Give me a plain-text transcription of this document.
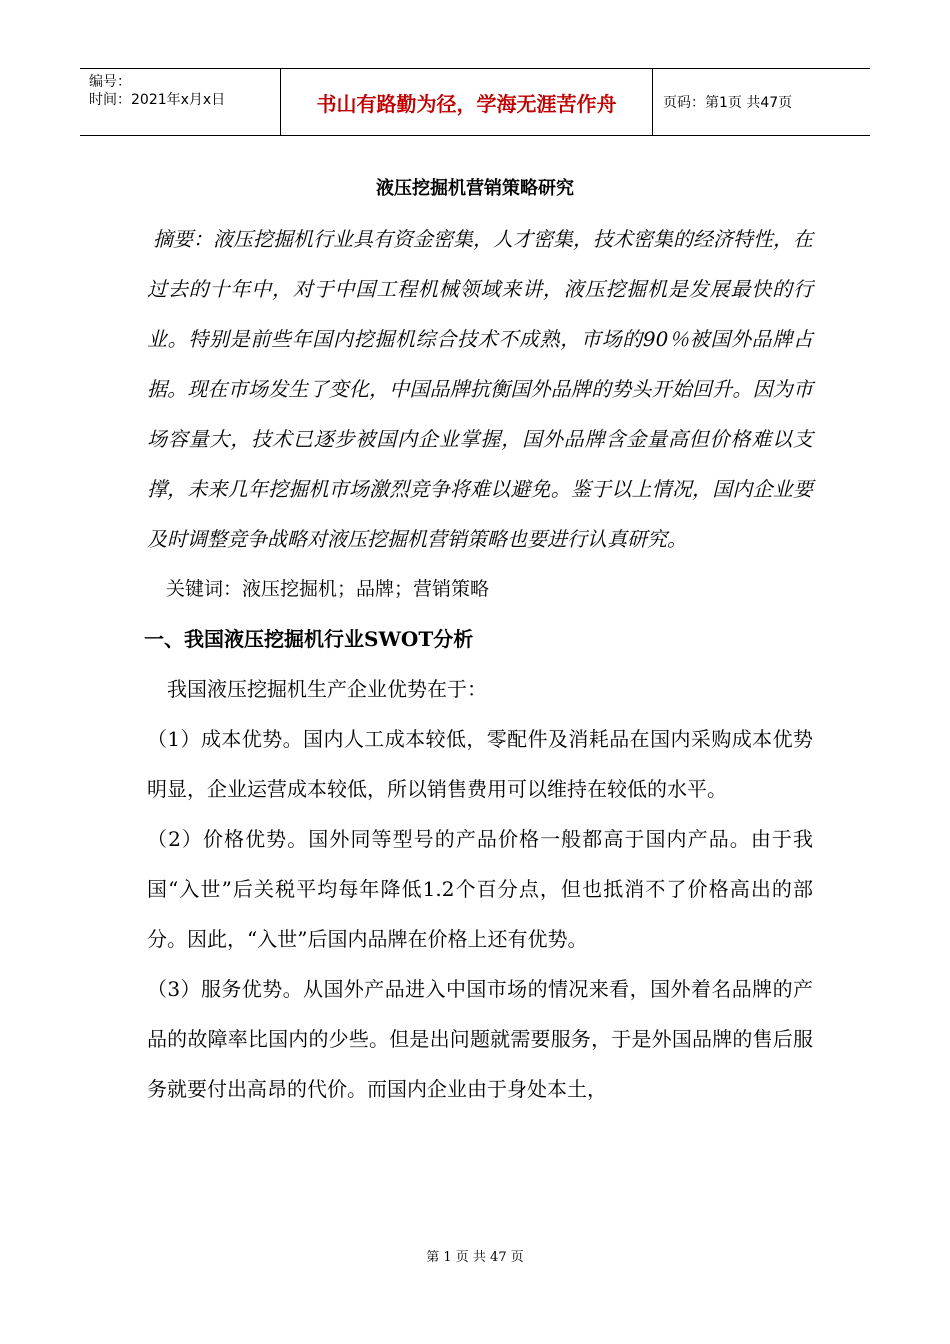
编号：
时间：2021年x月x日	书山有路勤为径，学海无涯苦作舟	页码：第1页 共47页
液压挖掘机营销策略研究

摘要：液压挖掘机行业具有资金密集，人才密集，技术密集的经济特性，在过去的十年中，对于中国工程机械领域来讲，液压挖掘机是发展最快的行业。特别是前些年国内挖掘机综合技术不成熟，市场的90％被国外品牌占据。现在市场发生了变化，中国品牌抗衡国外品牌的势头开始回升。因为市场容量大，技术已逐步被国内企业掌握，国外品牌含金量高但价格难以支撑，未来几年挖掘机市场激烈竞争将难以避免。鉴于以上情况，国内企业要及时调整竞争战略对液压挖掘机营销策略也要进行认真研究。

关键词：液压挖掘机；品牌；营销策略

一、我国液压挖掘机行业SWOT分析

我国液压挖掘机生产企业优势在于：

（1）成本优势。国内人工成本较低，零配件及消耗品在国内采购成本优势明显，企业运营成本较低，所以销售费用可以维持在较低的水平。

（2）价格优势。国外同等型号的产品价格一般都高于国内产品。由于我国“入世”后关税平均每年降低1.2个百分点，但也抵消不了价格高出的部分。因此，“入世”后国内品牌在价格上还有优势。

（3）服务优势。从国外产品进入中国市场的情况来看，国外着名品牌的产品的故障率比国内的少些。但是出问题就需要服务，于是外国品牌的售后服务就要付出高昂的代价。而国内企业由于身处本土，

第 1 页 共 47 页
